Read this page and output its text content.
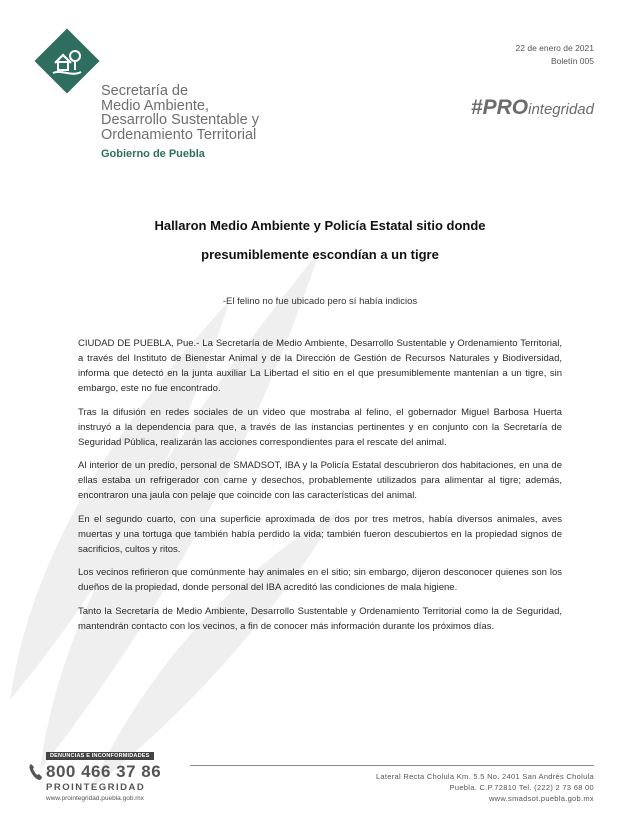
Secretaría de
Medio Ambiente,
Desarrollo Sustentable y
Ordenamiento Territorial
Gobierno de Puebla
22 de enero de 2021
Boletín 005
#PROintegridad
Hallaron Medio Ambiente y Policía Estatal sitio donde
presumiblemente escondían a un tigre
-El felino no fue ubicado pero sí había indicios

CIUDAD DE PUEBLA, Pue.- La Secretaría de Medio Ambiente, Desarrollo Sustentable y Ordenamiento Territorial, a través del Instituto de Bienestar Animal y de la Dirección de Gestión de Recursos Naturales y Biodiversidad, informa que detectó en la junta auxiliar La Libertad el sitio en el que presumiblemente mantenían a un tigre, sin embargo, este no fue encontrado.

Tras la difusión en redes sociales de un video que mostraba al felino, el gobernador Miguel Barbosa Huerta instruyó a la dependencia para que, a través de las instancias pertinentes y en conjunto con la Secretaría de Seguridad Pública, realizarán las acciones correspondientes para el rescate del animal.

Al interior de un predio, personal de SMADSOT, IBA y la Policía Estatal descubrieron dos habitaciones, en una de ellas estaba un refrigerador con carne y desechos, probablemente utilizados para alimentar al tigre; además, encontraron una jaula con pelaje que coincide con las características del animal.

En el segundo cuarto, con una superficie aproximada de dos por tres metros, había diversos animales, aves muertas y una tortuga que también había perdido la vida; también fueron descubiertos en la propiedad signos de sacrificios, cultos y ritos.

Los vecinos refirieron que comúnmente hay animales en el sitio; sin embargo, dijeron desconocer quienes son los dueños de la propiedad, donde personal del IBA acreditó las condiciones de mala higiene.

Tanto la Secretaría de Medio Ambiente, Desarrollo Sustentable y Ordenamiento Territorial como la de Seguridad, mantendrán contacto con los vecinos, a fin de conocer más información durante los próximos días.

DENUNCIAS E INCONFORMIDADES
800 466 37 86
PROINTEGRIDAD
www.prointegridad.puebla.gob.mx
Lateral Recta Cholula Km. 5.5 No. 2401 San Andrés Cholula
Puebla. C.P.72810 Tel. (222) 2 73 68 00
www.smadsot.puebla.gob.mx
